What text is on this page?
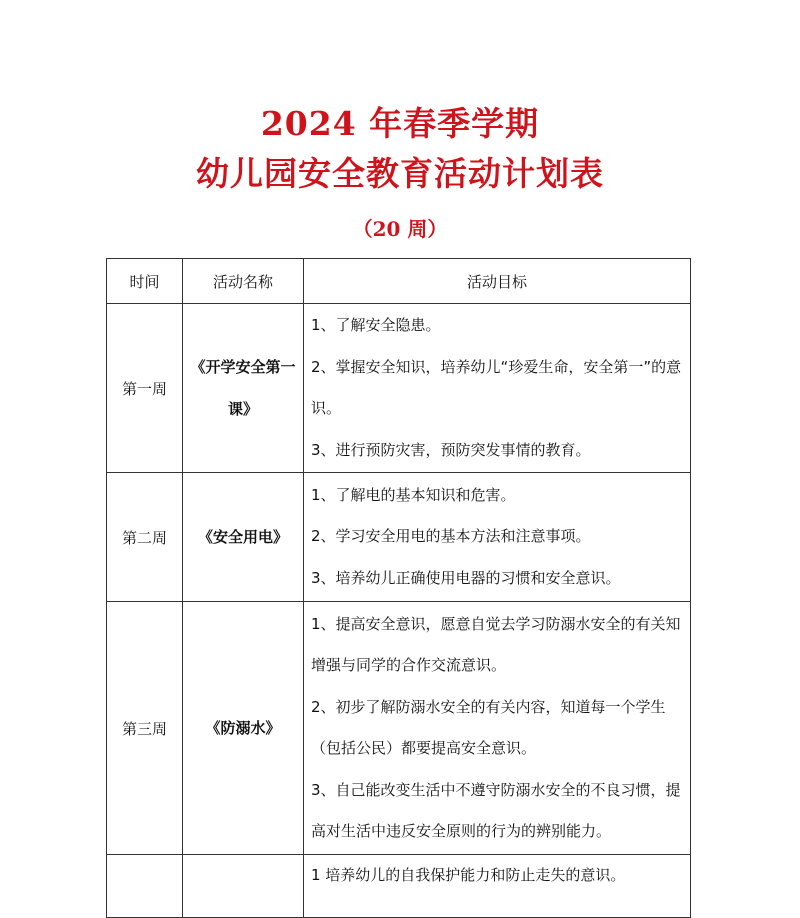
2024 年春季学期
幼儿园安全教育活动计划表
（20 周）
时间	活动名称	活动目标
第一周	《开学安全第一课》	1、了解安全隐患。

2、掌握安全知识，培养幼儿“珍爱生命，安全第一”的意识。

3、进行预防灾害，预防突发事情的教育。

第二周	《安全用电》	1、了解电的基本知识和危害。

2、学习安全用电的基本方法和注意事项。

3、培养幼儿正确使用电器的习惯和安全意识。

第三周	《防溺水》	1、提高安全意识，愿意自觉去学习防溺水安全的有关知增强与同学的合作交流意识。

2、初步了解防溺水安全的有关内容，知道每一个学生（包括公民）都要提高安全意识。

3、自己能改变生活中不遵守防溺水安全的不良习惯，提高对生活中违反安全原则的行为的辨别能力。

		1 培养幼儿的自我保护能力和防止走失的意识。
